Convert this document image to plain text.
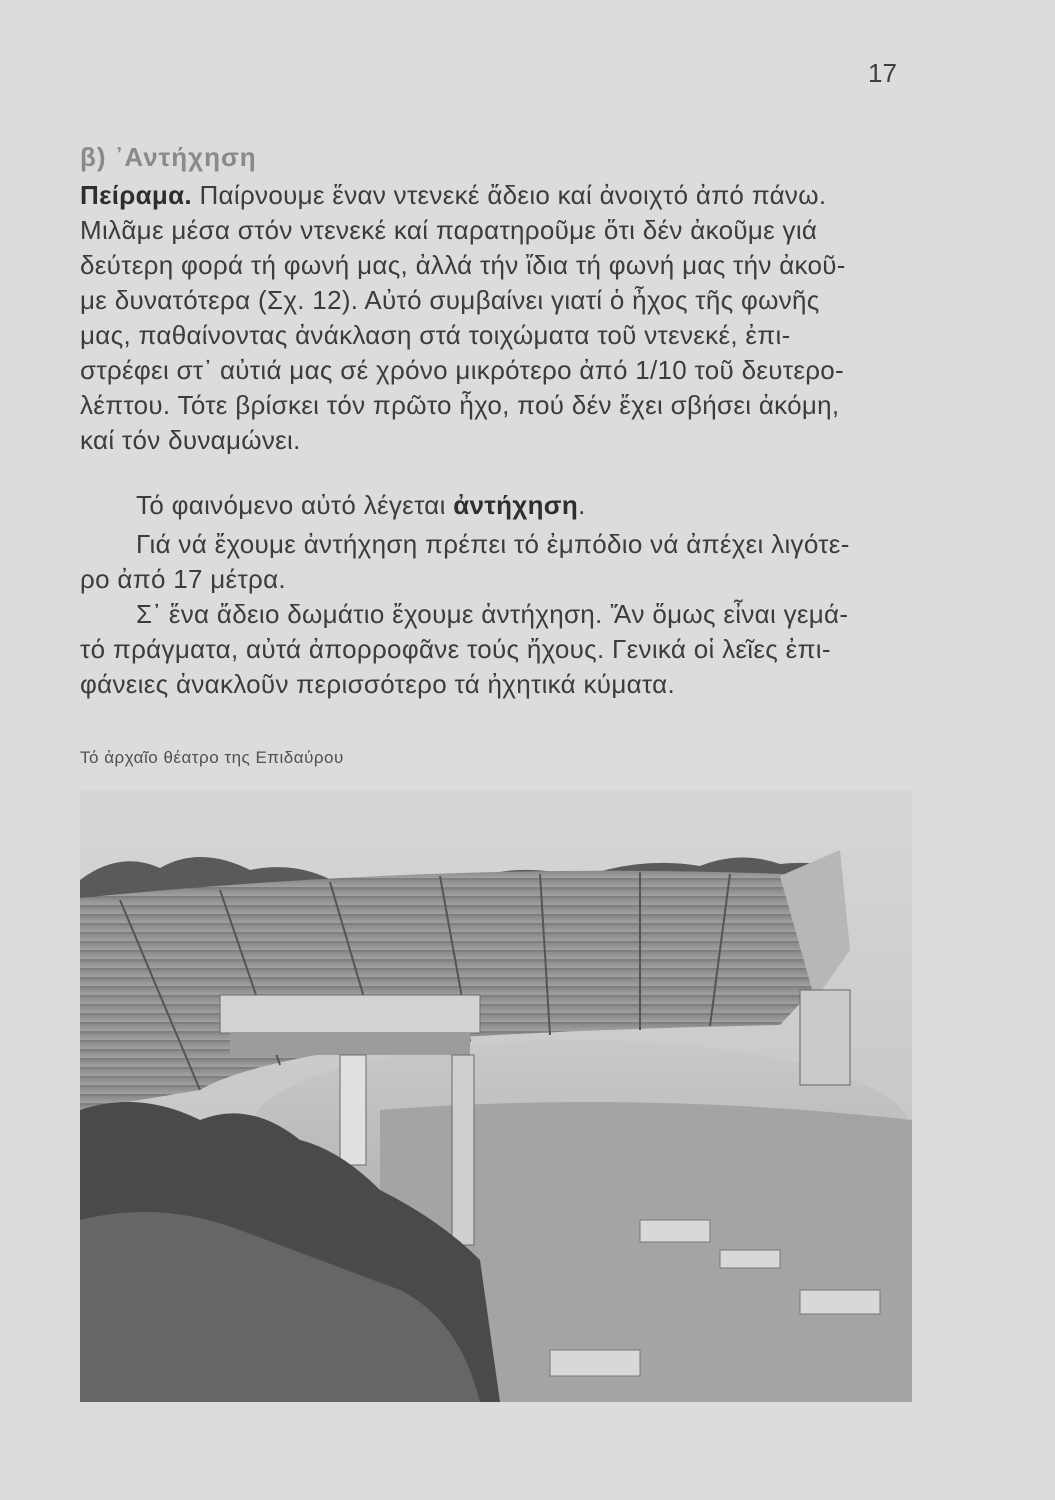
17
β) ᾿Αντήχηση
Πείραμα. Παίρνουμε ἕναν ντενεκέ ἄδειο καί ἀνοιχτό ἀπό πάνω.
Μιλᾶμε μέσα στόν ντενεκέ καί παρατηροῦμε ὅτι δέν ἀκοῦμε γιά
δεύτερη φορά τή φωνή μας, ἀλλά τήν ἴδια τή φωνή μας τήν ἀκοῦ-
με δυνατότερα (Σχ. 12). Αὐτό συμβαίνει γιατί ὁ ἦχος τῆς φωνῆς
μας, παθαίνοντας ἀνάκλαση στά τοιχώματα τοῦ ντενεκέ, ἐπι-
στρέφει στ᾿ αὐτιά μας σέ χρόνο μικρότερο ἀπό 1/10 τοῦ δευτερο-
λέπτου. Τότε βρίσκει τόν πρῶτο ἦχο, πού δέν ἔχει σβήσει ἀκόμη,
καί τόν δυναμώνει.
Τό φαινόμενο αὐτό λέγεται ἀντήχηση.
Γιά νά ἔχουμε ἀντήχηση πρέπει τό ἐμπόδιο νά ἀπέχει λιγότε-
ρο ἀπό 17 μέτρα.
Σ᾿ ἕνα ἄδειο δωμάτιο ἔχουμε ἀντήχηση. Ἄν ὅμως εἶναι γεμά-
τό πράγματα, αὐτά ἀπορροφᾶνε τούς ἤχους. Γενικά οἱ λεῖες ἐπι-
φάνειες ἀνακλοῦν περισσότερο τά ἠχητικά κύματα.
Τό ἀρχαῖο θέατρο της Επιδαύρου
